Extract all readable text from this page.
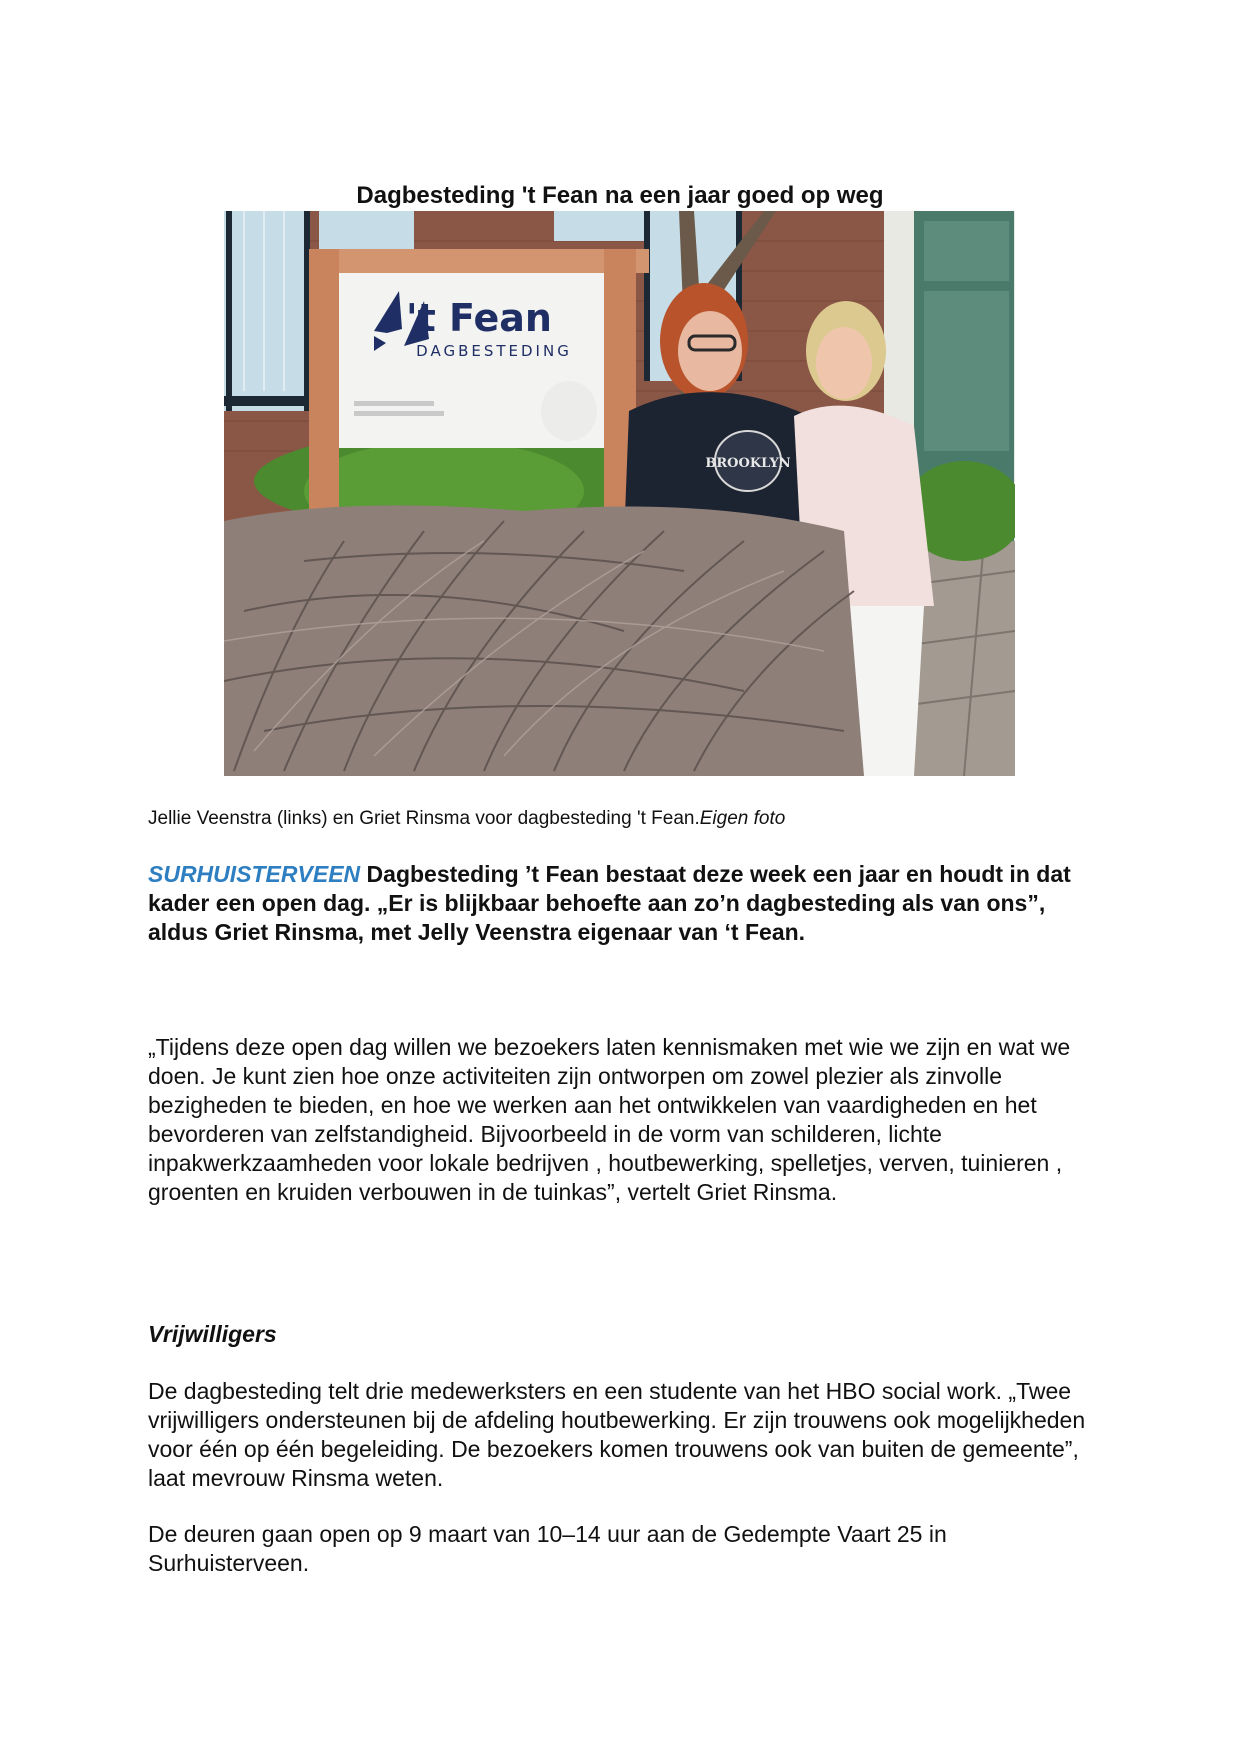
Dagbesteding 't Fean na een jaar goed op weg
't Fean
DAGBESTEDING
BROOKLYN
Jellie Veenstra (links) en Griet Rinsma voor dagbesteding 't Fean.Eigen foto
SURHUISTERVEEN Dagbesteding ’t Fean bestaat deze week een jaar en houdt in dat kader een open dag. „Er is blijkbaar behoefte aan zo’n dagbesteding als van ons”, aldus Griet Rinsma, met Jelly Veenstra eigenaar van ‘t Fean.
„Tijdens deze open dag willen we bezoekers laten kennismaken met wie we zijn en wat we doen. Je kunt zien hoe onze activiteiten zijn ontworpen om zowel plezier als zinvolle bezigheden te bieden, en hoe we werken aan het ontwikkelen van vaardigheden en het bevorderen van zelfstandigheid. Bijvoorbeeld in de vorm van schilderen, lichte inpakwerkzaamheden voor lokale bedrijven , houtbewerking, spelletjes, verven, tuinieren , groenten en kruiden verbouwen in de tuinkas”, vertelt Griet Rinsma.
Vrijwilligers
De dagbesteding telt drie medewerksters en een studente van het HBO social work. „Twee vrijwilligers ondersteunen bij de afdeling houtbewerking. Er zijn trouwens ook mogelijkheden voor één op één begeleiding. De bezoekers komen trouwens ook van buiten de gemeente”, laat mevrouw Rinsma weten.
De deuren gaan open op 9 maart van 10–14 uur aan de Gedempte Vaart 25 in Surhuisterveen.
